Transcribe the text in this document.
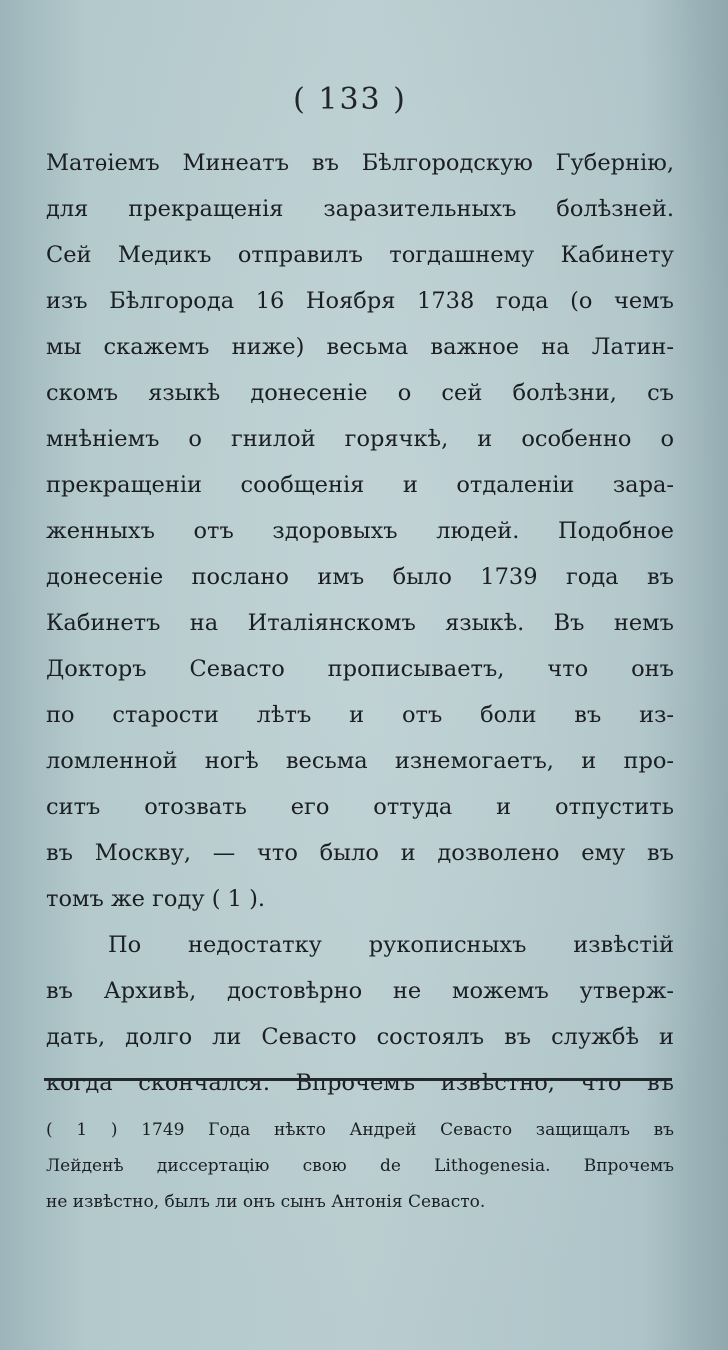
( 133 )
Матѳіемъ Минеатъ въ Бѣлгородскую Губернію,
для прекращенія заразительныхъ болѣзней.
Сей Медикъ отправилъ тогдашнему Кабинету
изъ Бѣлгорода 16 Ноября 1738 года (о чемъ
мы скажемъ ниже) весьма важное на Латин-
скомъ языкѣ донесеніе о сей болѣзни, съ
мнѣніемъ о гнилой горячкѣ, и особенно о
прекращеніи сообщенія и отдаленіи зара-
женныхъ отъ здоровыхъ людей. Подобное
донесеніе послано имъ было 1739 года въ
Кабинетъ на Италіянскомъ языкѣ. Въ немъ
Докторъ Севасто прописываетъ, что онъ
по старости лѣтъ и отъ боли въ из-
ломленной ногѣ весьма изнемогаетъ, и про-
ситъ отозвать его оттуда и отпустить
въ Москву, — что было и дозволено ему въ
томъ же году ( 1 ).
По недостатку рукописныхъ извѣстій
въ Архивѣ, достовѣрно не можемъ утверж-
дать, долго ли Севасто состоялъ въ службѣ и
когда скончался. Впрочемъ извѣстно, что въ
( 1 ) 1749 Года нѣкто Андрей Севасто защищалъ въ
Лейденѣ диссертацію свою de Lithogenesia. Впрочемъ
не извѣстно, былъ ли онъ сынъ Антонія Севасто.
